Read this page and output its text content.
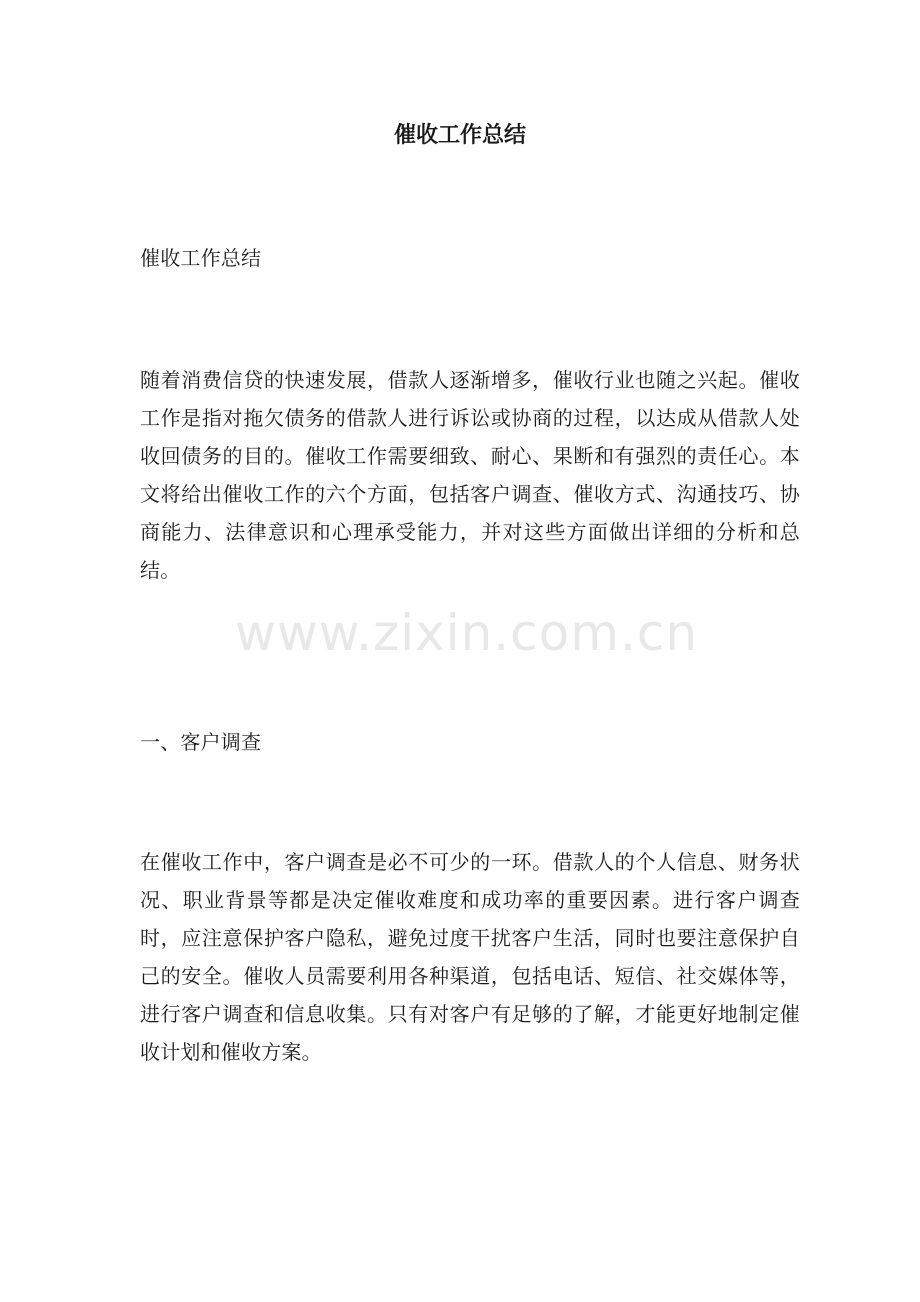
催收工作总结

催收工作总结

随着消费信贷的快速发展，借款人逐渐增多，催收行业也随之兴起。催收工作是指对拖欠债务的借款人进行诉讼或协商的过程，以达成从借款人处收回债务的目的。催收工作需要细致、耐心、果断和有强烈的责任心。本文将给出催收工作的六个方面，包括客户调查、催收方式、沟通技巧、协商能力、法律意识和心理承受能力，并对这些方面做出详细的分析和总结。

一、客户调查

在催收工作中，客户调查是必不可少的一环。借款人的个人信息、财务状况、职业背景等都是决定催收难度和成功率的重要因素。进行客户调查时，应注意保护客户隐私，避免过度干扰客户生活，同时也要注意保护自己的安全。催收人员需要利用各种渠道，包括电话、短信、社交媒体等，进行客户调查和信息收集。只有对客户有足够的了解，才能更好地制定催收计划和催收方案。

www.zixin.com.cn
